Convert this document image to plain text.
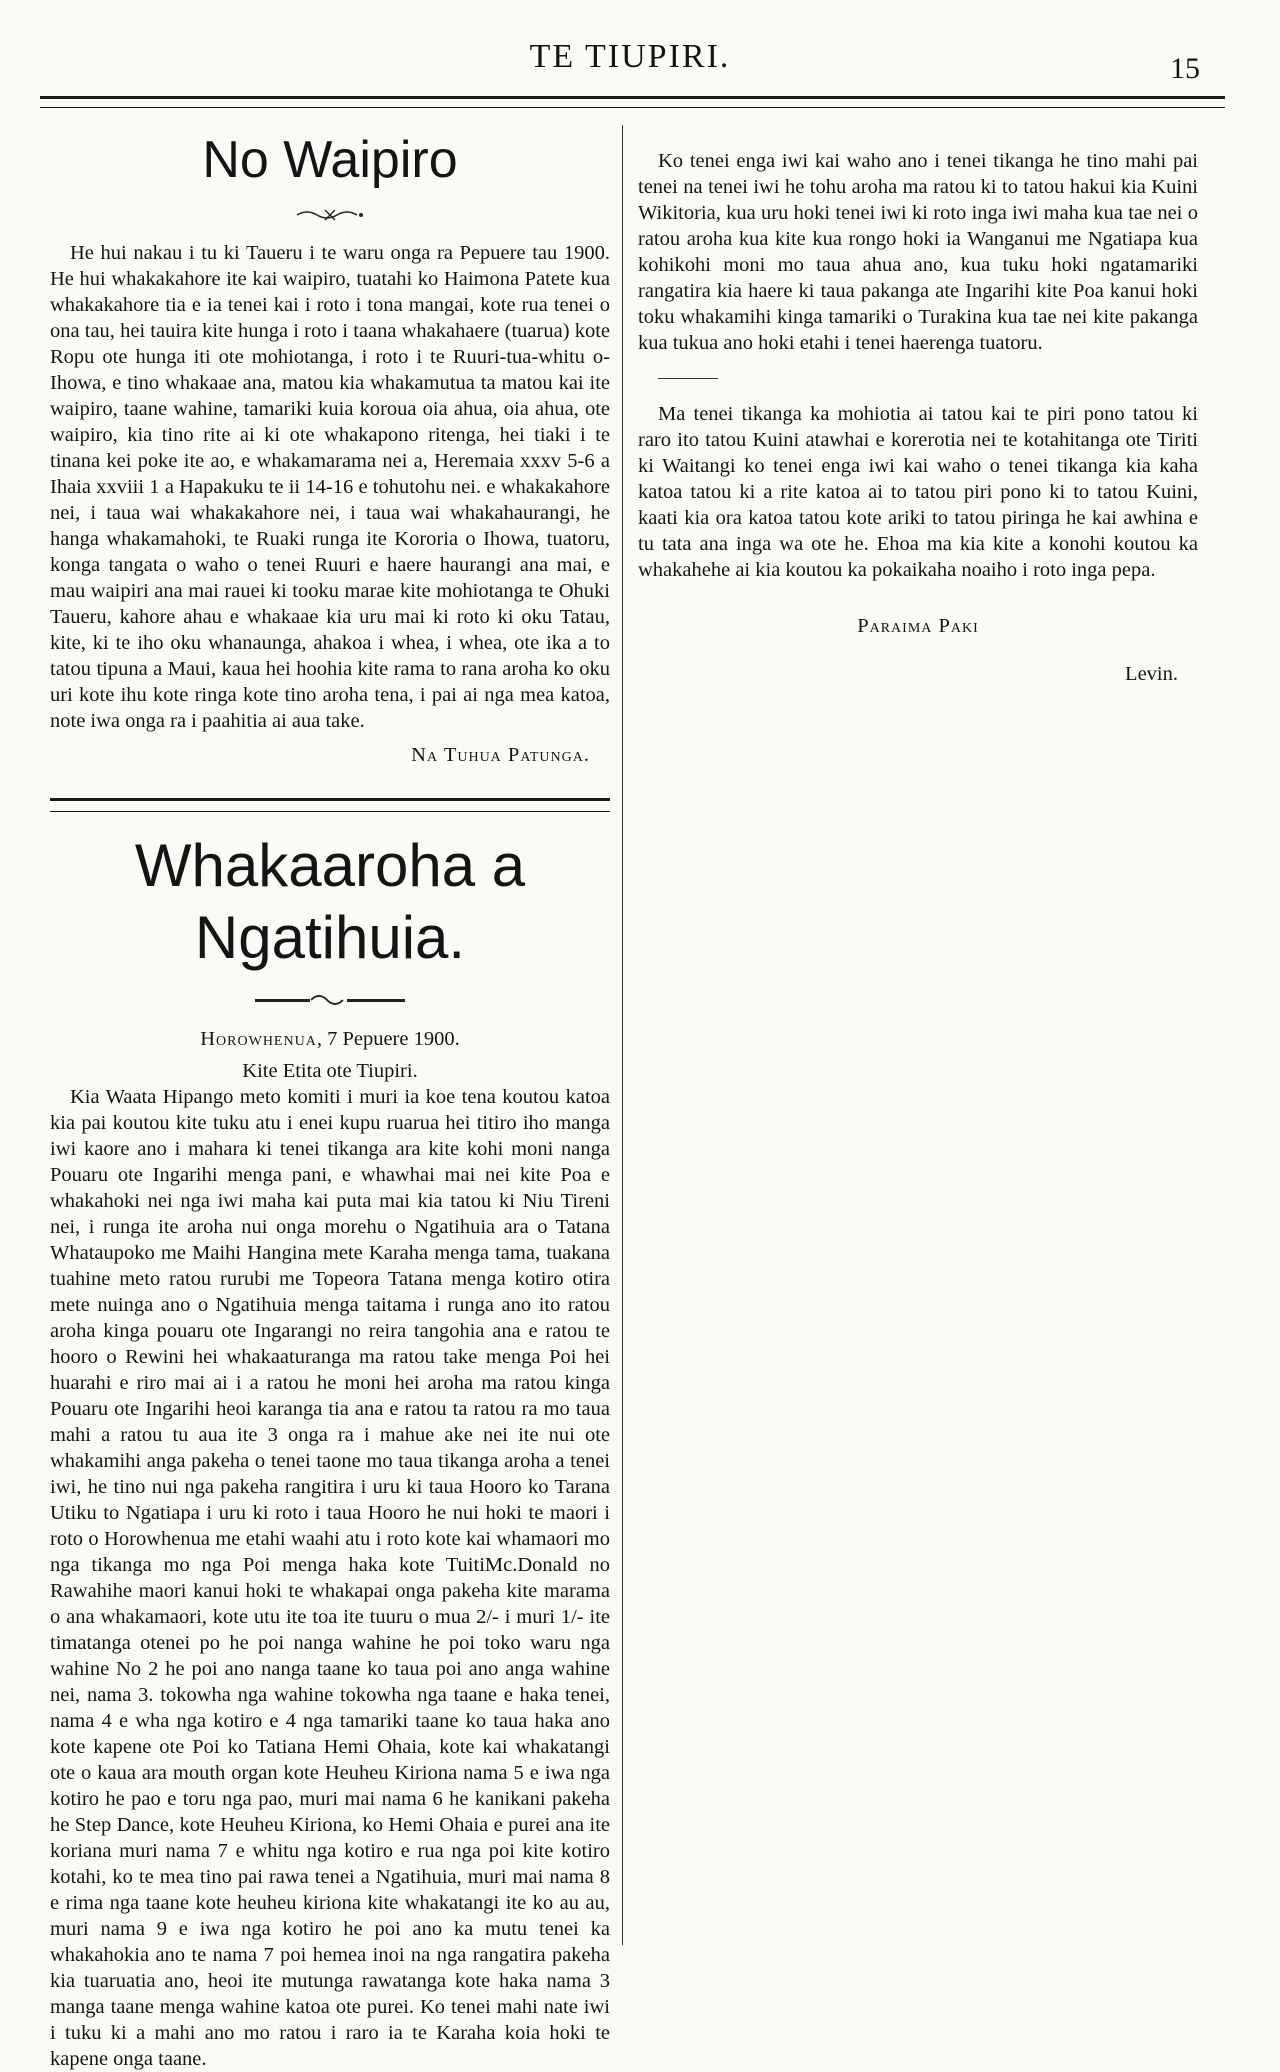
TE TIUPIRI.	15
No Waipiro

He hui nakau i tu ki Taueru i te waru onga ra Pepuere tau 1900. He hui whakakahore ite kai waipiro, tuatahi ko Haimona Patete kua whakakahore tia e ia tenei kai i roto i tona mangai, kote rua tenei o ona tau, hei tauira kite hunga i roto i taana whakahaere (tuarua) kote Ropu ote hunga iti ote mohiotanga, i roto i te Ruuri-tua-whitu o-Ihowa, e tino whakaae ana, matou kia whakamutua ta matou kai ite waipiro, taane wahine, tamariki kuia koroua oia ahua, oia ahua, ote waipiro, kia tino rite ai ki ote whakapono ritenga, hei tiaki i te tinana kei poke ite ao, e whakamarama nei a, Heremaia xxxv 5-6 a Ihaia xxviii 1 a Hapakuku te ii 14-16 e tohutohu nei. e whakakahore nei, i taua wai whakakahore nei, i taua wai whakahaurangi, he hanga whakamahoki, te Ruaki runga ite Kororia o Ihowa, tuatoru, konga tangata o waho o tenei Ruuri e haere haurangi ana mai, e mau waipiri ana mai rauei ki tooku marae kite mohiotanga te Ohuki Taueru, kahore ahau e whakaae kia uru mai ki roto ki oku Tatau, kite, ki te iho oku whanaunga, ahakoa i whea, i whea, ote ika a to tatou tipuna a Maui, kaua hei hoohia kite rama to rana aroha ko oku uri kote ihu kote ringa kote tino aroha tena, i pai ai nga mea katoa, note iwa onga ra i paahitia ai aua take.

Na Tuhua Patunga.
Whakaaroha a Ngatihuia.
Horowhenua, 7 Pepuere 1900.
Kite Etita ote Tiupiri.

Kia Waata Hipango meto komiti i muri ia koe tena koutou katoa kia pai koutou kite tuku atu i enei kupu ruarua hei titiro iho manga iwi kaore ano i mahara ki tenei tikanga ara kite kohi moni nanga Pouaru ote Ingarihi menga pani, e whawhai mai nei kite Poa e whakahoki nei nga iwi maha kai puta mai kia tatou ki Niu Tireni nei, i runga ite aroha nui onga morehu o Ngatihuia ara o Tatana Whataupoko me Maihi Hangina mete Karaha menga tama, tuakana tuahine meto ratou rurubi me Topeora Tatana menga kotiro otira mete nuinga ano o Ngatihuia menga taitama i runga ano ito ratou aroha kinga pouaru ote Ingarangi no reira tangohia ana e ratou te hooro o Rewini hei whakaaturanga ma ratou take menga Poi hei huarahi e riro mai ai i a ratou he moni hei aroha ma ratou kinga Pouaru ote Ingarihi heoi karanga tia ana e ratou ta ratou ra mo taua mahi a ratou tu aua ite 3 onga ra i mahue ake nei ite nui ote whakamihi anga pakeha o tenei taone mo taua tikanga aroha a tenei iwi, he tino nui nga pakeha rangitira i uru ki taua Hooro ko Tarana Utiku to Ngatiapa i uru ki roto i taua Hooro he nui hoki te maori i roto o Horowhenua me etahi waahi atu i roto kote kai whamaori mo nga tikanga mo nga Poi menga haka kote TuitiMc.Donald no Rawahihe maori kanui hoki te whakapai onga pakeha kite marama o ana whakamaori, kote utu ite toa ite tuuru o mua 2/- i muri 1/- ite timatanga otenei po he poi nanga wahine he poi toko waru nga wahine No 2 he poi ano nanga taane ko taua poi ano anga wahine nei, nama 3. tokowha nga wahine tokowha nga taane e haka tenei, nama 4 e wha nga kotiro e 4 nga tamariki taane ko taua haka ano kote kapene ote Poi ko Tatiana Hemi Ohaia, kote kai whakatangi ote o kaua ara mouth organ kote Heuheu Kiriona nama 5 e iwa nga kotiro he pao e toru nga pao, muri mai nama 6 he kanikani pakeha he Step Dance, kote Heuheu Kiriona, ko Hemi Ohaia e purei ana ite koriana muri nama 7 e whitu nga kotiro e rua nga poi kite kotiro kotahi, ko te mea tino pai rawa tenei a Ngatihuia, muri mai nama 8 e rima nga taane kote heuheu kiriona kite whakatangi ite ko au au, muri nama 9 e iwa nga kotiro he poi ano ka mutu tenei ka whakahokia ano te nama 7 poi hemea inoi na nga rangatira pakeha kia tuaruatia ano, heoi ite mutunga rawatanga kote haka nama 3 manga taane menga wahine katoa ote purei. Ko tenei mahi nate iwi i tuku ki a mahi ano mo ratou i raro ia te Karaha koia hoki te kapene onga taane.

Ko tenei enga iwi kai waho ano i tenei tikanga he tino mahi pai tenei na tenei iwi he tohu aroha ma ratou ki to tatou hakui kia Kuini Wikitoria, kua uru hoki tenei iwi ki roto inga iwi maha kua tae nei o ratou aroha kua kite kua rongo hoki ia Wanganui me Ngatiapa kua kohikohi moni mo taua ahua ano, kua tuku hoki ngatamariki rangatira kia haere ki taua pakanga ate Ingarihi kite Poa kanui hoki toku whakamihi kinga tamariki o Turakina kua tae nei kite pakanga kua tukua ano hoki etahi i tenei haerenga tuatoru.

Ma tenei tikanga ka mohiotia ai tatou kai te piri pono tatou ki raro ito tatou Kuini atawhai e korerotia nei te kotahitanga ote Tiriti ki Waitangi ko tenei enga iwi kai waho o tenei tikanga kia kaha katoa tatou ki a rite katoa ai to tatou piri pono ki to tatou Kuini, kaati kia ora katoa tatou kote ariki to tatou piringa he kai awhina e tu tata ana inga wa ote he. Ehoa ma kia kite a konohi koutou ka whakahehe ai kia koutou ka pokaikaha noaiho i roto inga pepa.

Paraima Paki
Levin.
